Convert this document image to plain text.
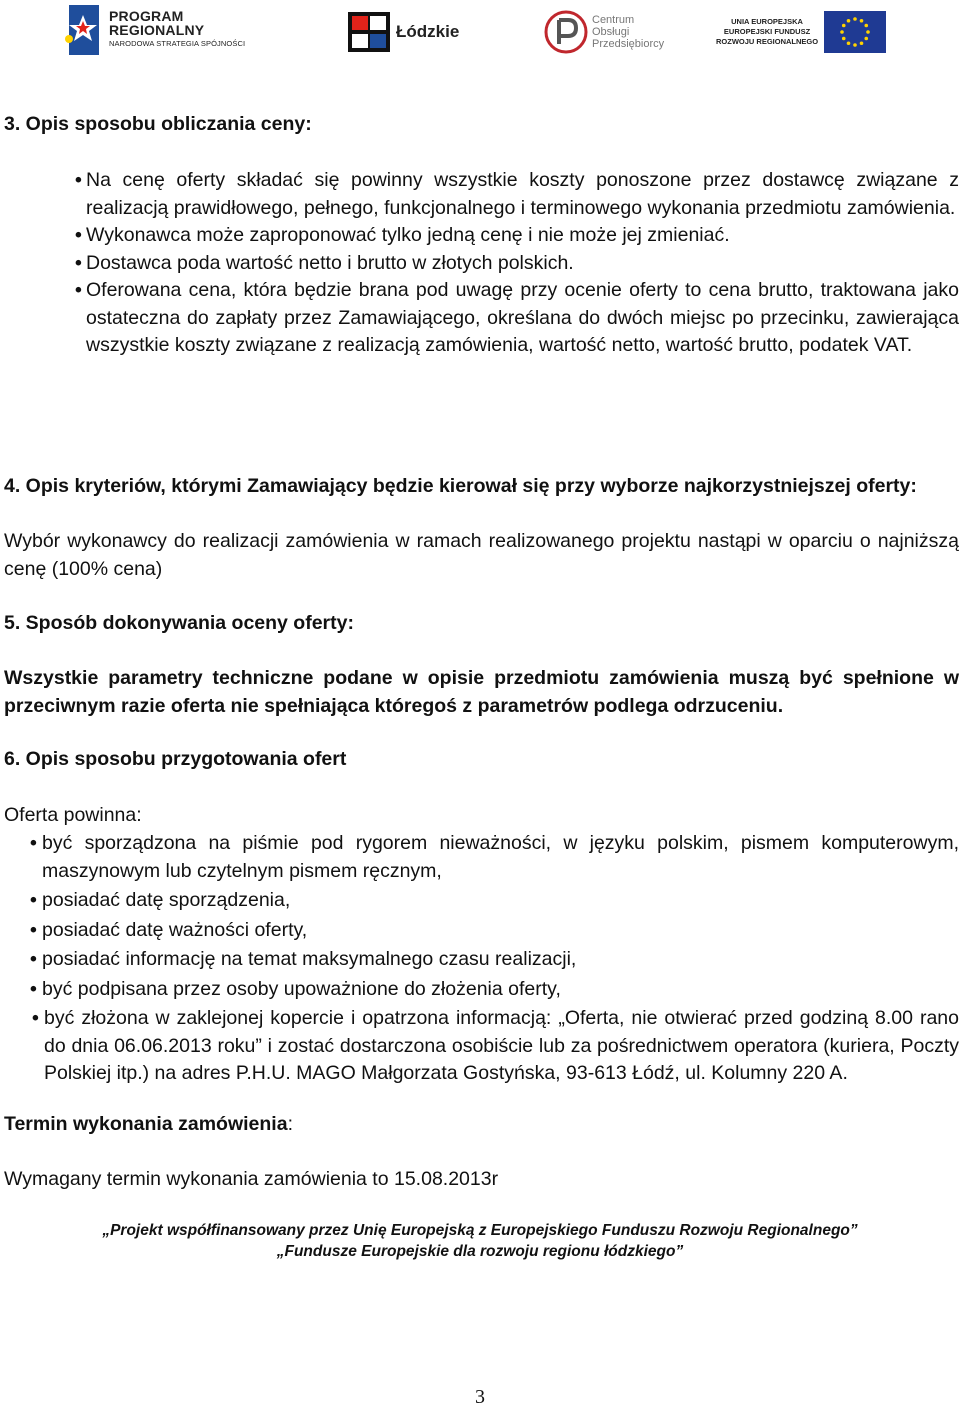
PROGRAM
REGIONALNY
NARODOWA STRATEGIA SPÓJNOŚCI
Łódzkie
Centrum
Obsługi
Przedsiębiorcy
UNIA EUROPEJSKA
EUROPEJSKI FUNDUSZ
ROZWOJU REGIONALNEGO
3. Opis sposobu obliczania ceny:
• Na cenę oferty składać się powinny wszystkie koszty ponoszone przez dostawcę związane z realizacją prawidłowego, pełnego, funkcjonalnego i terminowego wykonania przedmiotu zamówienia.
• Wykonawca może zaproponować tylko jedną cenę i nie może jej zmieniać.
• Dostawca poda wartość netto i brutto w złotych polskich.
• Oferowana cena, która będzie brana pod uwagę przy ocenie oferty to cena brutto, traktowana jako ostateczna do zapłaty przez Zamawiającego, określana do dwóch miejsc po przecinku, zawierająca wszystkie koszty związane z realizacją zamówienia, wartość netto, wartość brutto, podatek VAT.
4. Opis kryteriów, którymi Zamawiający będzie kierował się przy wyborze najkorzystniejszej oferty:
Wybór wykonawcy do realizacji zamówienia w ramach realizowanego projektu nastąpi w oparciu o najniższą cenę (100% cena)
5. Sposób dokonywania oceny oferty:
Wszystkie parametry techniczne podane w opisie przedmiotu zamówienia muszą być spełnione w przeciwnym razie oferta nie spełniająca któregoś z parametrów podlega odrzuceniu.
6. Opis sposobu przygotowania ofert
Oferta powinna:
• być sporządzona na piśmie pod rygorem nieważności, w języku polskim, pismem komputerowym, maszynowym lub czytelnym pismem ręcznym,
• posiadać datę sporządzenia,
• posiadać datę ważności oferty,
• posiadać informację na temat maksymalnego czasu realizacji,
• być podpisana przez osoby upoważnione do złożenia oferty,
• być złożona w zaklejonej kopercie i opatrzona informacją: „Oferta, nie otwierać przed godziną 8.00 rano do dnia 06.06.2013 roku” i zostać dostarczona osobiście lub za pośrednictwem operatora (kuriera, Poczty Polskiej itp.) na adres P.H.U. MAGO Małgorzata Gostyńska, 93-613 Łódź, ul. Kolumny 220 A.
Termin wykonania zamówienia:
Wymagany termin wykonania zamówienia to 15.08.2013r
„Projekt współfinansowany przez Unię Europejską z Europejskiego Funduszu Rozwoju Regionalnego”
„Fundusze Europejskie dla rozwoju regionu łódzkiego”
3
